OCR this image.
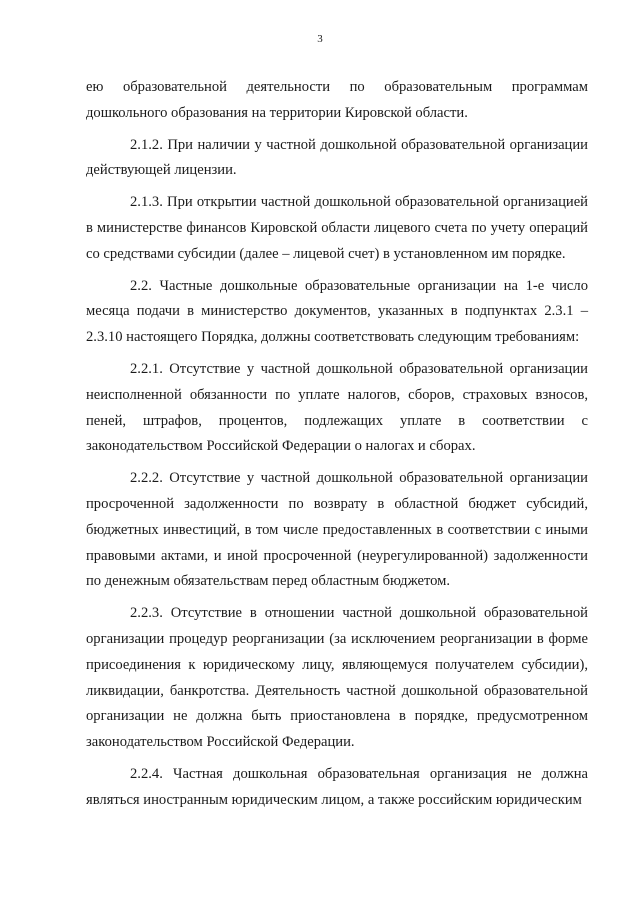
3

ею образовательной деятельности по образовательным программам дошкольного образования на территории Кировской области.

2.1.2. При наличии у частной дошкольной образовательной организации действующей лицензии.

2.1.3. При открытии частной дошкольной образовательной организацией в министерстве финансов Кировской области лицевого счета по учету операций со средствами субсидии (далее – лицевой счет) в установленном им порядке.

2.2. Частные дошкольные образовательные организации на 1-е число месяца подачи в министерство документов, указанных в подпунктах 2.3.1 – 2.3.10 настоящего Порядка, должны соответствовать следующим требованиям:

2.2.1. Отсутствие у частной дошкольной образовательной организации неисполненной обязанности по уплате налогов, сборов, страховых взносов, пеней, штрафов, процентов, подлежащих уплате в соответствии с законодательством Российской Федерации о налогах и сборах.

2.2.2. Отсутствие у частной дошкольной образовательной организации просроченной задолженности по возврату в областной бюджет субсидий, бюджетных инвестиций, в том числе предоставленных в соответствии с иными правовыми актами, и иной просроченной (неурегулированной) задолженности по денежным обязательствам перед областным бюджетом.

2.2.3. Отсутствие в отношении частной дошкольной образовательной организации процедур реорганизации (за исключением реорганизации в форме присоединения к юридическому лицу, являющемуся получателем субсидии), ликвидации, банкротства. Деятельность частной дошкольной образовательной организации не должна быть приостановлена в порядке, предусмотренном законодательством Российской Федерации.

2.2.4. Частная дошкольная образовательная организация не должна являться иностранным юридическим лицом, а также российским юридическим
